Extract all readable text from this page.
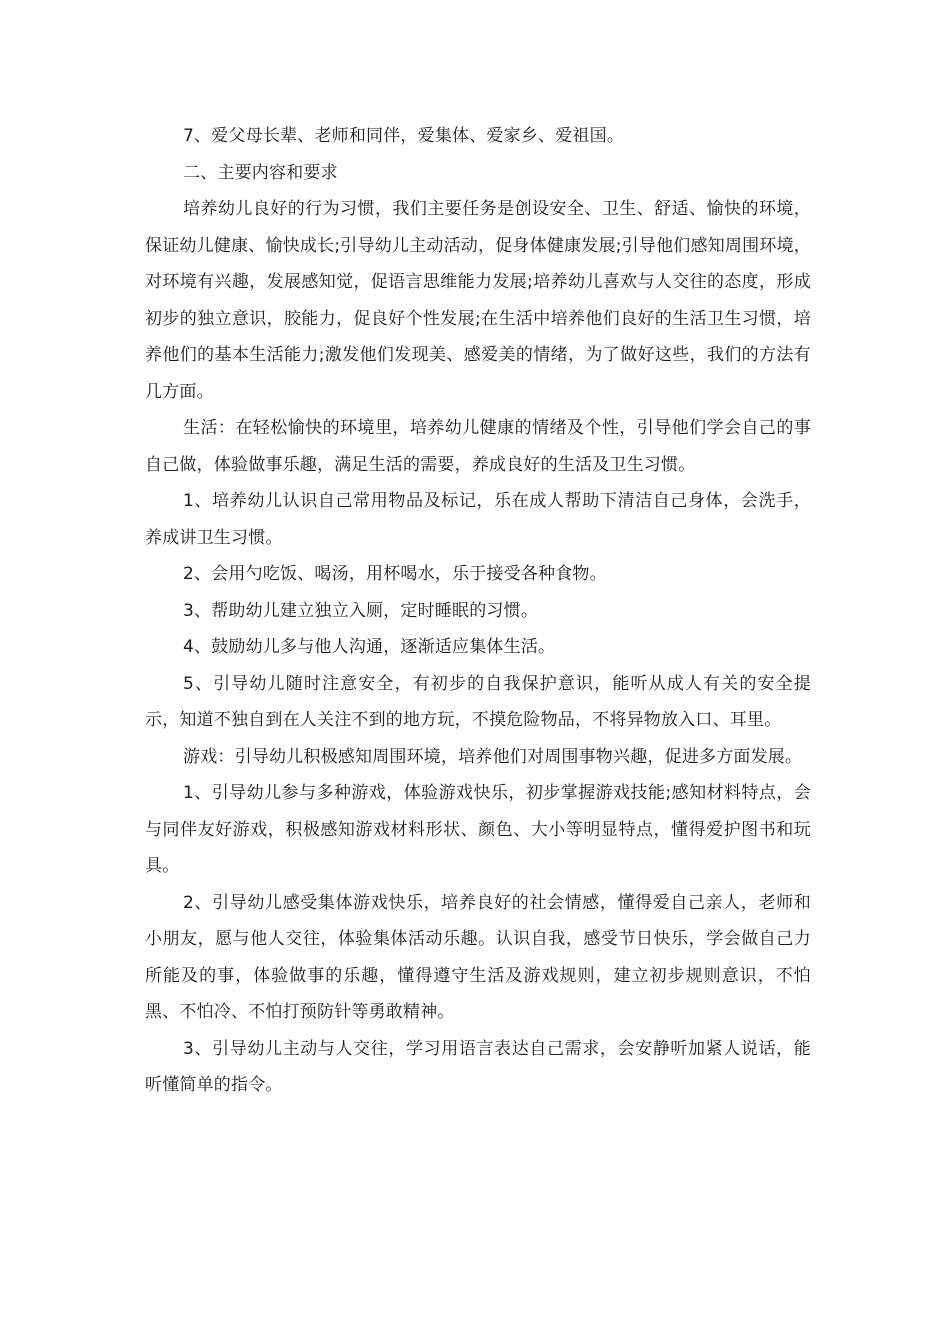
7、爱父母长辈、老师和同伴，爱集体、爱家乡、爱祖国。

二、主要内容和要求

培养幼儿良好的行为习惯，我们主要任务是创设安全、卫生、舒适、愉快的环境，保证幼儿健康、愉快成长;引导幼儿主动活动，促身体健康发展;引导他们感知周围环境，对环境有兴趣，发展感知觉，促语言思维能力发展;培养幼儿喜欢与人交往的态度，形成初步的独立意识，胶能力，促良好个性发展;在生活中培养他们良好的生活卫生习惯，培养他们的基本生活能力;激发他们发现美、感爱美的情绪，为了做好这些，我们的方法有几方面。

生活：在轻松愉快的环境里，培养幼儿健康的情绪及个性，引导他们学会自己的事自己做，体验做事乐趣，满足生活的需要，养成良好的生活及卫生习惯。

1、培养幼儿认识自己常用物品及标记，乐在成人帮助下清洁自己身体，会洗手，养成讲卫生习惯。

2、会用勺吃饭、喝汤，用杯喝水，乐于接受各种食物。

3、帮助幼儿建立独立入厕，定时睡眠的习惯。

4、鼓励幼儿多与他人沟通，逐渐适应集体生活。

5、引导幼儿随时注意安全，有初步的自我保护意识，能听从成人有关的安全提示，知道不独自到在人关注不到的地方玩，不摸危险物品，不将异物放入口、耳里。

游戏：引导幼儿积极感知周围环境，培养他们对周围事物兴趣，促进多方面发展。

1、引导幼儿参与多种游戏，体验游戏快乐，初步掌握游戏技能;感知材料特点，会与同伴友好游戏，积极感知游戏材料形状、颜色、大小等明显特点，懂得爱护图书和玩具。

2、引导幼儿感受集体游戏快乐，培养良好的社会情感，懂得爱自己亲人，老师和小朋友，愿与他人交往，体验集体活动乐趣。认识自我，感受节日快乐，学会做自己力所能及的事，体验做事的乐趣，懂得遵守生活及游戏规则，建立初步规则意识，不怕黑、不怕冷、不怕打预防针等勇敢精神。

3、引导幼儿主动与人交往，学习用语言表达自己需求，会安静听加紧人说话，能听懂简单的指令。
